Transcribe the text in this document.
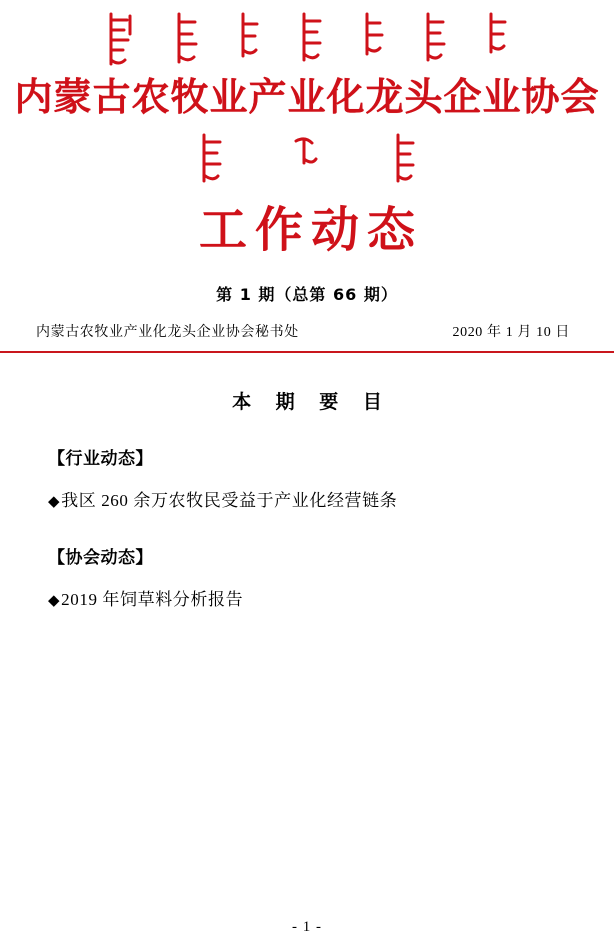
内蒙古农牧业产业化龙头企业协会
工作动态
第 1 期（总第 66 期）
内蒙古农牧业产业化龙头企业协会秘书处	2020 年 1 月 10 日
本 期 要 目
【行业动态】
◆我区 260 余万农牧民受益于产业化经营链条
【协会动态】
◆2019 年饲草料分析报告
- 1 -
